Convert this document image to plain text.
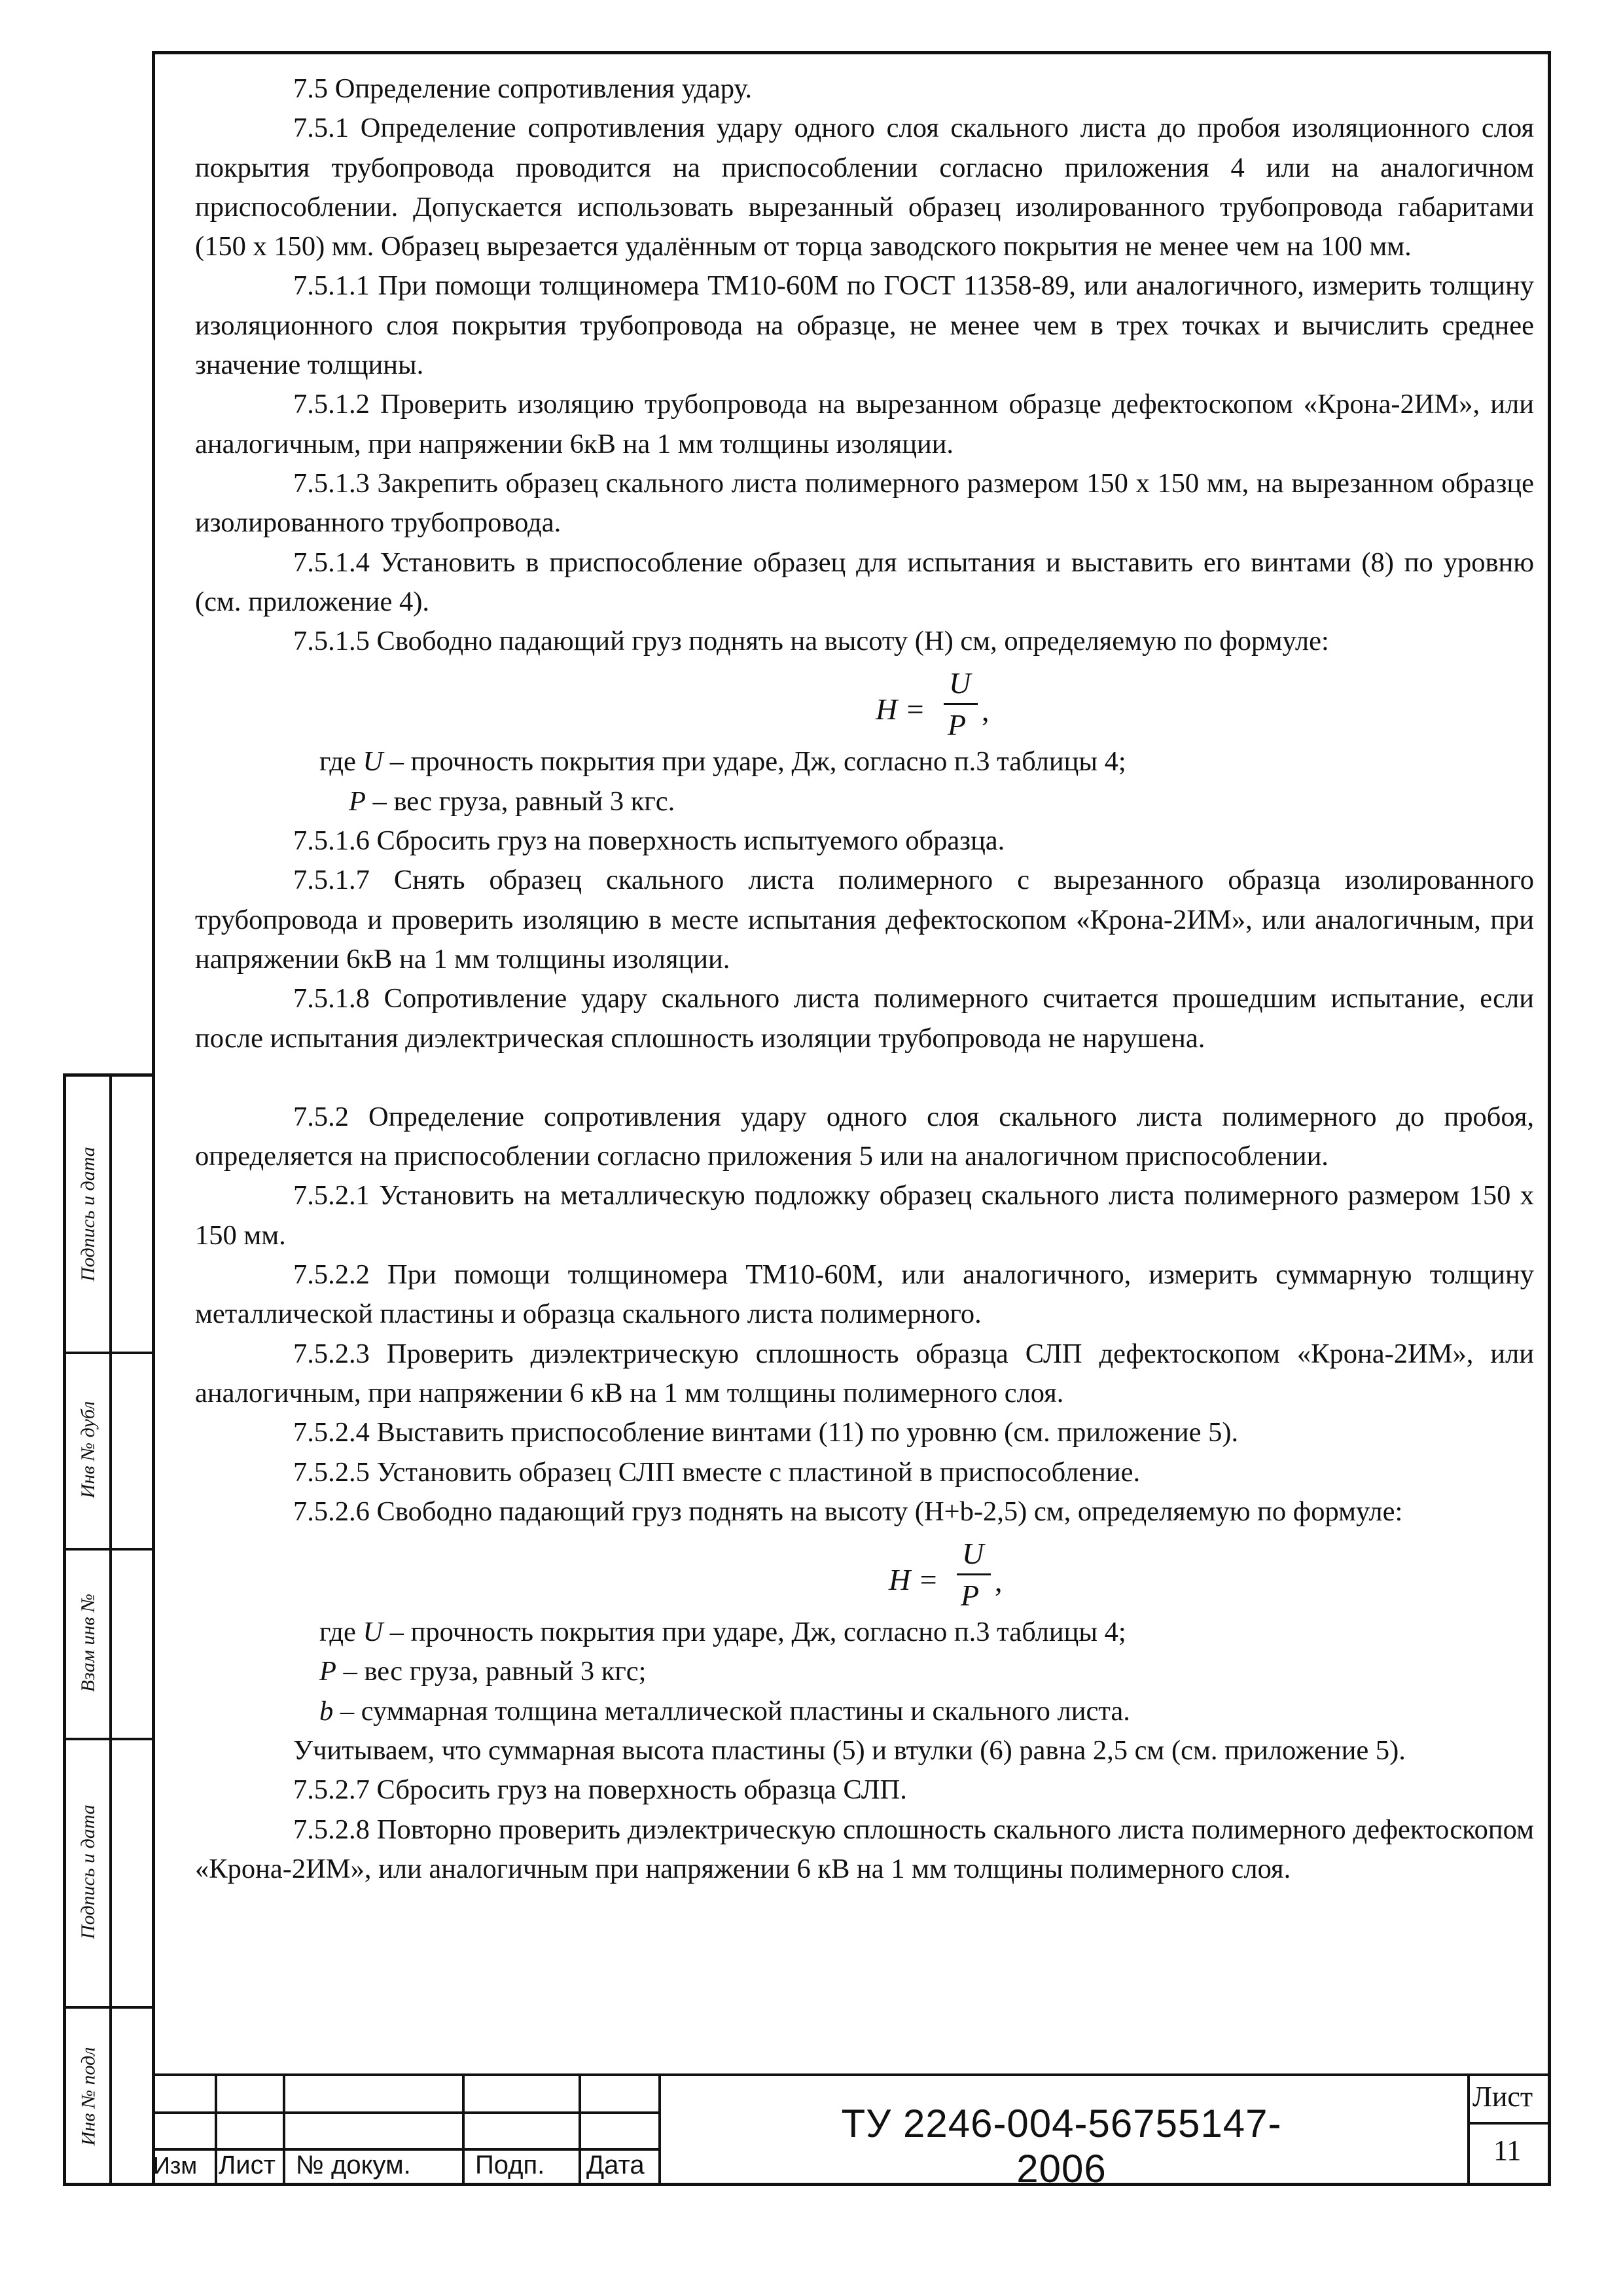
7.5 Определение сопротивления удару.

7.5.1 Определение сопротивления удару одного слоя скального листа до пробоя изоляционного слоя покрытия трубопровода проводится на приспособлении согласно приложения 4 или на аналогичном приспособлении. Допускается использовать вырезанный образец изолированного трубопровода габаритами (150 х 150) мм. Образец вырезается удалённым от торца заводского покрытия не менее чем на 100 мм.

7.5.1.1 При помощи толщиномера ТМ10-60М по ГОСТ 11358-89, или аналогичного, измерить толщину изоляционного слоя покрытия трубопровода на образце, не менее чем в трех точках и вычислить среднее значение толщины.

7.5.1.2 Проверить изоляцию трубопровода на вырезанном образце дефектоскопом «Крона-2ИМ», или аналогичным, при напряжении 6кВ на 1 мм толщины изоляции.

7.5.1.3 Закрепить образец скального листа полимерного размером 150 х 150 мм, на вырезанном образце изолированного трубопровода.

7.5.1.4 Установить в приспособление образец для испытания и выставить его винтами (8) по уровню (см. приложение 4).

7.5.1.5 Свободно падающий груз поднять на высоту (Н) см, определяемую по формуле:

H =
U
P ,

где U – прочность покрытия при ударе, Дж, согласно п.3 таблицы 4;

P – вес груза, равный 3 кгс.

7.5.1.6 Сбросить груз на поверхность испытуемого образца.

7.5.1.7 Снять образец скального листа полимерного с вырезанного образца изолированного трубопровода и проверить изоляцию в месте испытания дефектоскопом «Крона-2ИМ», или аналогичным, при напряжении 6кВ на 1 мм толщины изоляции.

7.5.1.8 Сопротивление удару скального листа полимерного считается прошедшим испытание, если после испытания диэлектрическая сплошность изоляции трубопровода не нарушена.

7.5.2 Определение сопротивления удару одного слоя скального листа полимерного до пробоя, определяется на приспособлении согласно приложения 5 или на аналогичном приспособлении.

7.5.2.1 Установить на металлическую подложку образец скального листа полимерного размером 150 х 150 мм.

7.5.2.2 При помощи толщиномера ТМ10-60М, или аналогичного, измерить суммарную толщину металлической пластины и образца скального листа полимерного.

7.5.2.3 Проверить диэлектрическую сплошность образца СЛП дефектоскопом «Крона-2ИМ», или аналогичным, при напряжении 6 кВ на 1 мм толщины полимерного слоя.

7.5.2.4 Выставить приспособление винтами (11) по уровню (см. приложение 5).

7.5.2.5 Установить образец СЛП вместе с пластиной в приспособление.

7.5.2.6 Свободно падающий груз поднять на высоту (Н+b-2,5) см, определяемую по формуле:

H =
U
P ,

где U – прочность покрытия при ударе, Дж, согласно п.3 таблицы 4;

P – вес груза, равный 3 кгс;

b – суммарная толщина металлической пластины и скального листа.

Учитываем, что суммарная высота пластины (5) и втулки (6) равна 2,5 см (см. приложение 5).

7.5.2.7 Сбросить груз на поверхность образца СЛП.

7.5.2.8 Повторно проверить диэлектрическую сплошность скального листа полимерного дефектоскопом «Крона-2ИМ», или аналогичным при напряжении 6 кВ на 1 мм толщины полимерного слоя.

Подпись и дата
Инв № дубл
Взам инв №
Подпись и дата
Инв № подл
Изм Лист № докум. Подп. Дата
ТУ 2246-004-56755147-2006
Лист
11
